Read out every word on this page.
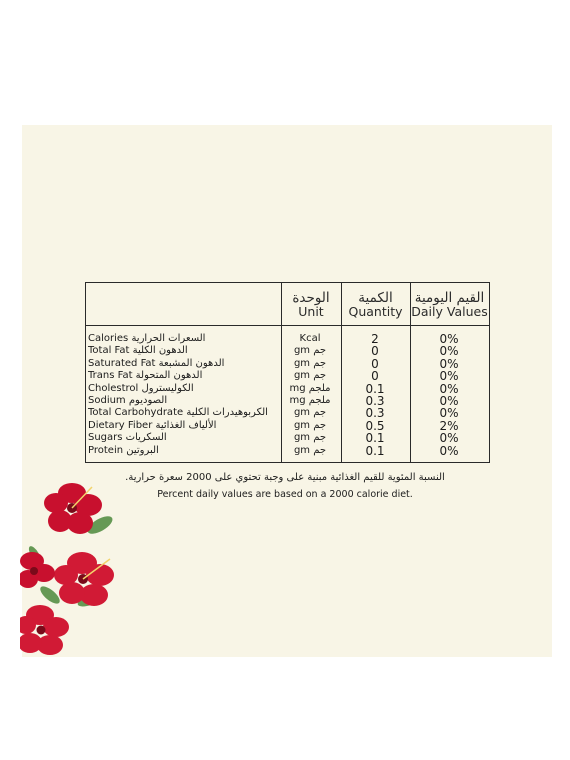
الوحدة
Unit
الكمية
Quantity
القيم اليومية
Daily Values
Calories السعرات الحرارية
Total Fat الدهون الكلية
Saturated Fat الدهون المشبعة
Trans Fat الدهون المتحولة
Cholestrol الكوليسترول
Sodium الصوديوم
Total Carbohydrate الكربوهيدرات الكلية
Dietary Fiber الألياف الغذائية
Sugars السكريات
Protein البروتين
Kcal
gm جم
gm جم
gm جم
mg ملجم
mg ملجم
gm جم
gm جم
gm جم
gm جم
2
0
0
0
0.1
0.3
0.3
0.5
0.1
0.1
0%
0%
0%
0%
0%
0%
0%
2%
0%
0%
النسبة المئوية للقيم الغذائية مبنية على وجبة تحتوي على 2000 سعرة حرارية.
Percent daily values are based on a 2000 calorie diet.
